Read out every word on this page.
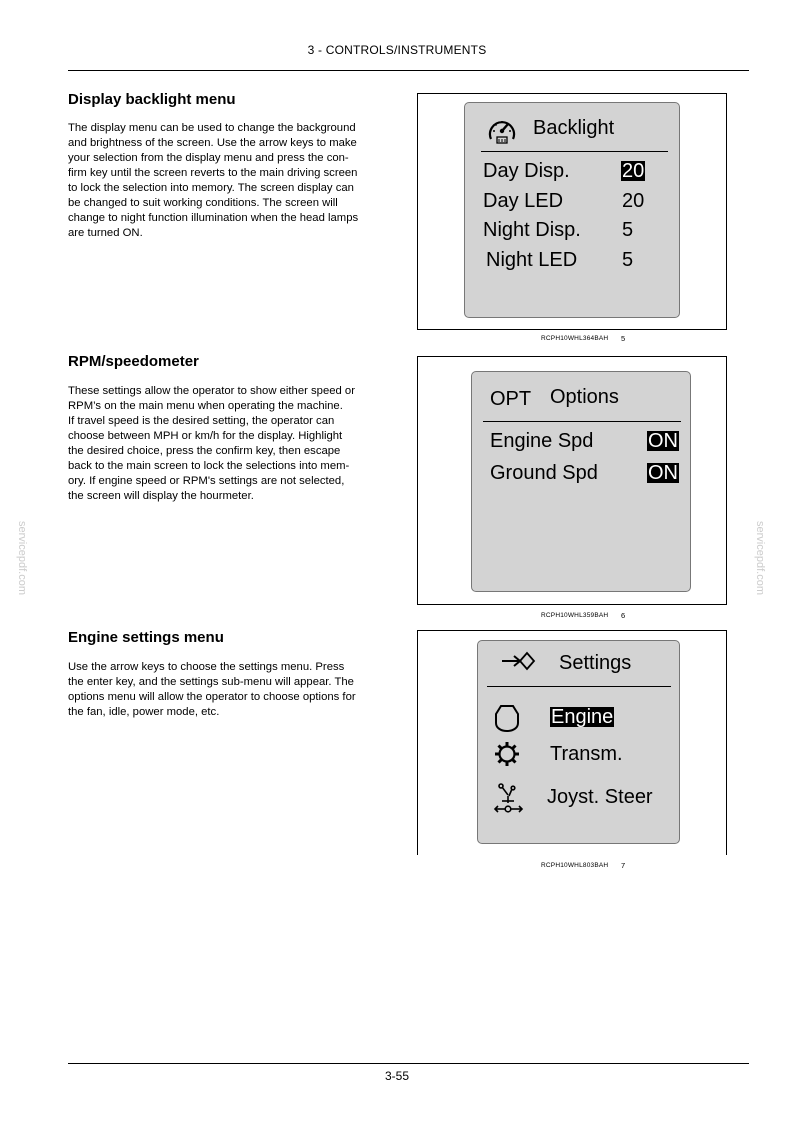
3 - CONTROLS/INSTRUMENTS
servicepdf.com	servicepdf.com
Display backlight menu
The display menu can be used to change the background
and brightness of the screen. Use the arrow keys to make
your selection from the display menu and press the con-
firm key until the screen reverts to the main driving screen
to lock the selection into memory. The screen display can
be changed to suit working conditions. The screen will
change to night function illumination when the head lamps
are turned ON.
Backlight
Day Disp.	20
Day LED	20
Night Disp. 5
Night LED 5
RCPH10WHL364BAH 5
RPM/speedometer
These settings allow the operator to show either speed or
RPM’s on the main menu when operating the machine.
If travel speed is the desired setting, the operator can
choose between MPH or km/h for the display. Highlight
the desired choice, press the confirm key, then escape
back to the main screen to lock the selections into mem-
ory. If engine speed or RPM's settings are not selected,
the screen will display the hourmeter.
OPT Options
Engine Spd	ON
Ground Spd	ON
RCPH10WHL359BAH 6
Engine settings menu
Use the arrow keys to choose the settings menu. Press
the enter key, and the settings sub-menu will appear. The
options menu will allow the operator to choose options for
the fan, idle, power mode, etc.
Settings
Engine
Transm.
Joyst. Steer
RCPH10WHL803BAH 7
3-55
